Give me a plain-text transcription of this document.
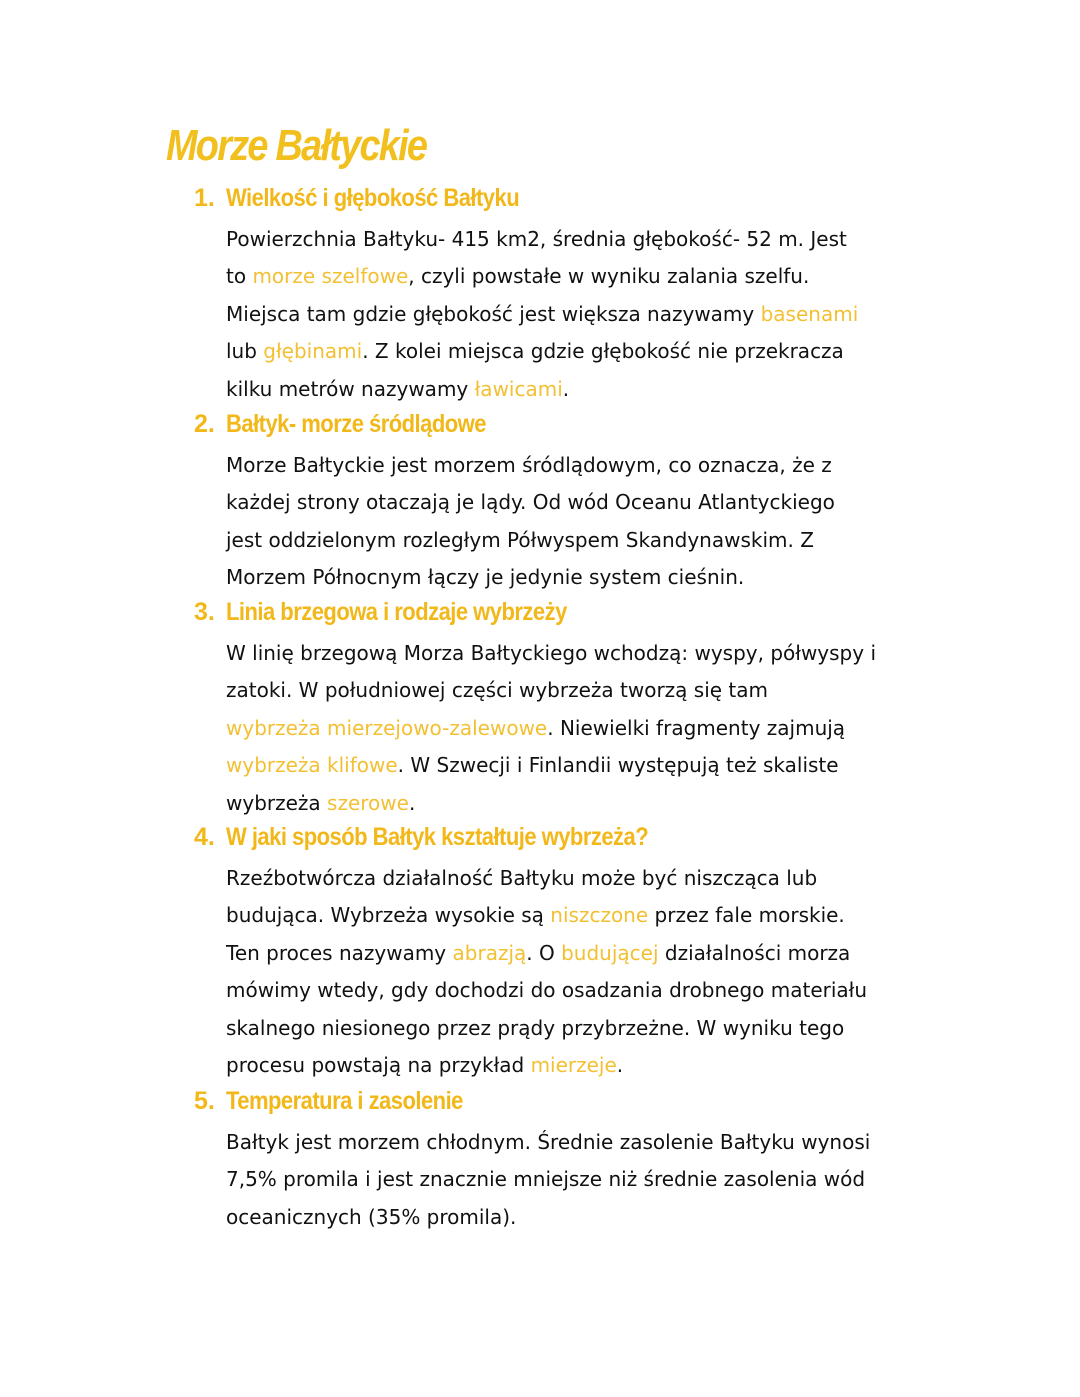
Morze Bałtyckie
1. Wielkość i głębokość Bałtyku

Powierzchnia Bałtyku- 415 km2, średnia głębokość- 52 m. Jest
to morze szelfowe, czyli powstałe w wyniku zalania szelfu.
Miejsca tam gdzie głębokość jest większa nazywamy basenami
lub głębinami. Z kolei miejsca gdzie głębokość nie przekracza
kilku metrów nazywamy ławicami.

2. Bałtyk- morze śródlądowe

Morze Bałtyckie jest morzem śródlądowym, co oznacza, że z
każdej strony otaczają je lądy. Od wód Oceanu Atlantyckiego
jest oddzielonym rozległym Półwyspem Skandynawskim. Z
Morzem Północnym łączy je jedynie system cieśnin.

3. Linia brzegowa i rodzaje wybrzeży

W linię brzegową Morza Bałtyckiego wchodzą: wyspy, półwyspy i
zatoki. W południowej części wybrzeża tworzą się tam
wybrzeża mierzejowo-zalewowe. Niewielki fragmenty zajmują
wybrzeża klifowe. W Szwecji i Finlandii występują też skaliste
wybrzeża szerowe.

4. W jaki sposób Bałtyk kształtuje wybrzeża?

Rzeźbotwórcza działalność Bałtyku może być niszcząca lub
budująca. Wybrzeża wysokie są niszczone przez fale morskie.
Ten proces nazywamy abrazją. O budującej działalności morza
mówimy wtedy, gdy dochodzi do osadzania drobnego materiału
skalnego niesionego przez prądy przybrzeżne. W wyniku tego
procesu powstają na przykład mierzeje.

5. Temperatura i zasolenie

Bałtyk jest morzem chłodnym. Średnie zasolenie Bałtyku wynosi
7,5% promila i jest znacznie mniejsze niż średnie zasolenia wód
oceanicznych (35% promila).
